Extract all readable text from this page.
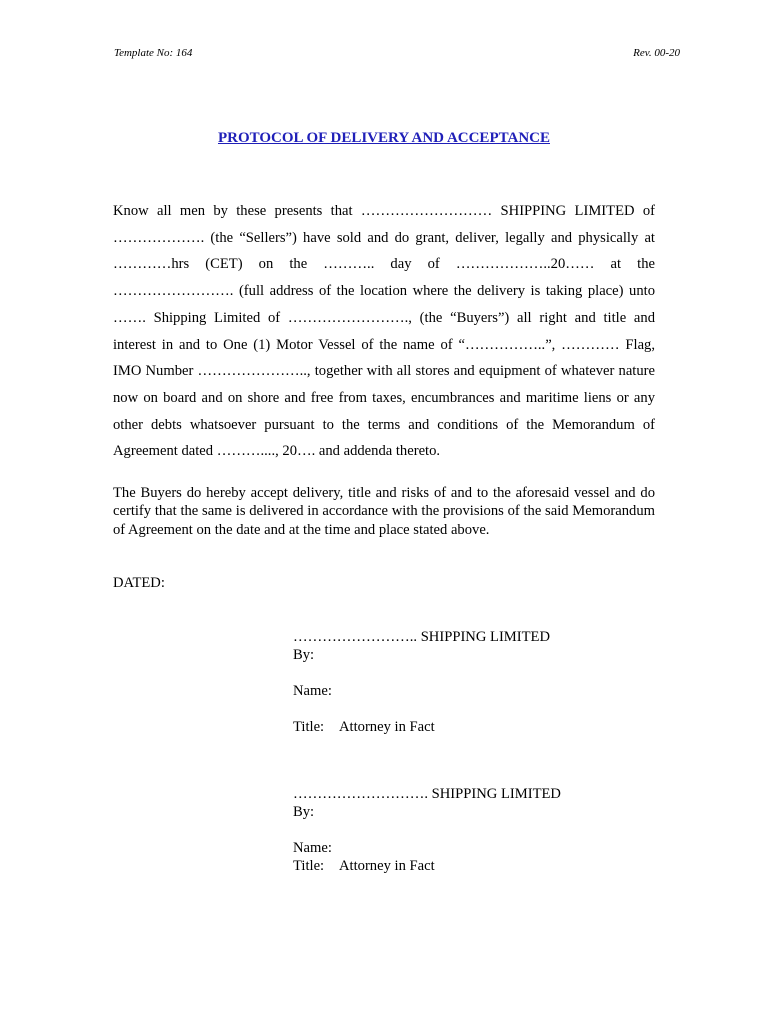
Template No: 164	Rev. 00-20
PROTOCOL OF DELIVERY AND ACCEPTANCE
Know all men by these presents that ……………………… SHIPPING LIMITED of ………………. (the “Sellers”) have sold and do grant, deliver, legally and physically at …………hrs (CET) on the ……….. day of ………………..20…… at the ……………………. (full address of the location where the delivery is taking place) unto ……. Shipping Limited of ……………………., (the “Buyers”) all right and title and interest in and to One (1) Motor Vessel of the name of “……………..”, ………… Flag, IMO Number ………………….., together with all stores and equipment of whatever nature now on board and on shore and free from taxes, encumbrances and maritime liens or any other debts whatsoever pursuant to the terms and conditions of the Memorandum of Agreement dated ………...., 20…. and addenda thereto.
The Buyers do hereby accept delivery, title and risks of and to the aforesaid vessel and do certify that the same is delivered in accordance with the provisions of the said Memorandum of Agreement on the date and at the time and place stated above.
DATED:
…………………….. SHIPPING LIMITED
By:
Name:
Title: Attorney in Fact
………………………. SHIPPING LIMITED
By:
Name:
Title: Attorney in Fact
